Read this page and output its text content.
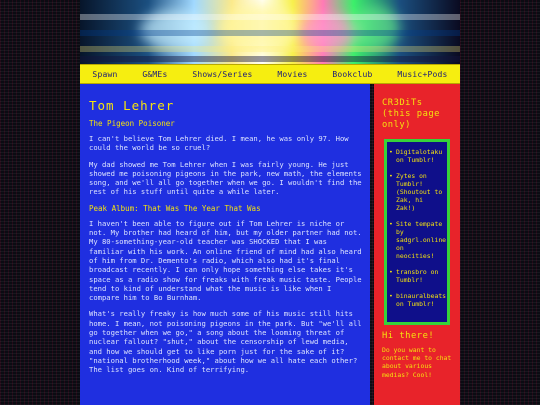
Spawn	G&MEs	Shows/Series	Movies	Bookclub	Music+Pods
Tom Lehrer
The Pigeon Poisoner

I can't believe Tom Lehrer died. I mean, he was only 97. How could the world be so cruel?

My dad showed me Tom Lehrer when I was fairly young. He just showed me poisoning pigeons in the park, new math, the elements song, and we'll all go together when we go. I wouldn't find the rest of his stuff until quite a while later.

Peak Album: That Was The Year That Was

I haven't been able to figure out if Tom Lehrer is niche or not. My brother had heard of him, but my older partner had not. My 80-something-year-old teacher was SHOCKED that I was familiar with his work. An online friend of mind had also heard of him from Dr. Demento's radio, which also had it's final broadcast recently. I can only hope something else takes it's space as a radio show for freaks with freak music taste. People tend to kind of understand what the music is like when I compare him to Bo Burnham.

What's really freaky is how much some of his music still hits home. I mean, not poisoning pigeons in the park. But "we'll all go together when we go," a song about the looming threat of nuclear fallout? "shut," about the censorship of lewd media, and how we should get to like porn just for the sake of it? "national brotherhood week," about how we all hate each other? The list goes on. Kind of terrifying.

CR3DiTs (this page only)
• Digitalotaku on Tumblr!
• Zytes on Tumblr! (Shoutout to Zak, hi Zak!)
• Site tempate by sadgrl.online on neocities!
• transbro on Tumblr!
• binauralbeats on Tumblr!
Hi there!
Do you want to contact me to chat about various medias? Cool!
